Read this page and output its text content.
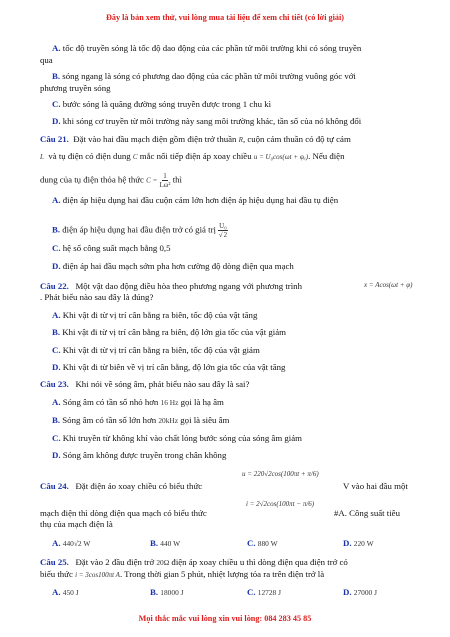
Đây là bản xem thử, vui lòng mua tài liệu để xem chi tiết (có lời giải)
A. tốc độ truyền sóng là tốc độ dao động của các phần tử môi trường khi có sóng truyền
qua
B. sóng ngang là sóng có phương dao động của các phần tử môi trường vuông góc với
phương truyền sóng
C. bước sóng là quãng đường sóng truyền được trong 1 chu kì
D. khi sóng cơ truyền từ môi trường này sang môi trường khác, tần số của nó không đổi
Câu 21. Đặt vào hai đầu mạch điện gồm điện trở thuần R, cuộn cảm thuần có độ tự cảm
L và tụ điện có điện dung C mắc nối tiếp điện áp xoay chiều u = U₀cos(ωt + φᵤ). Nếu điện
dung của tụ điện thỏa hệ thức $C = \frac{1}{\text{Lω²}}$ thì
A. điện áp hiệu dụng hai đầu cuộn cảm lớn hơn điện áp hiệu dụng hai đầu tụ điện
B. điện áp hiệu dụng hai đầu điện trở có giá trị $\frac{\text{U₀}}{√2}$
C. hệ số công suất mạch bằng 0,5
D. điện áp hai đầu mạch sớm pha hơn cường độ dòng điện qua mạch
Câu 22. Một vật dao động điều hòa theo phương ngang với phương trình	x = Acos(ωt + φ)
. Phát biểu nào sau đây là đúng?
A. Khi vật đi từ vị trí cân bằng ra biên, tốc độ của vật tăng
B. Khi vật đi từ vị trí cân bằng ra biên, độ lớn gia tốc của vật giảm
C. Khi vật đi từ vị trí cân bằng ra biên, tốc độ của vật giảm
D. Khi vật đi từ biên về vị trí cân bằng, độ lớn gia tốc của vật tăng
Câu 23. Khi nói về sóng âm, phát biểu nào sau đây là sai?
A. Sóng âm có tần số nhỏ hơn 16 Hz gọi là hạ âm
B. Sóng âm có tần số lớn hơn 20kHz gọi là siêu âm
C. Khi truyền từ không khí vào chất lỏng bước sóng của sóng âm giảm
D. Sóng âm không được truyền trong chân không
u = 220√2cos(100πt + π/6)
Câu 24. Đặt điện áo xoay chiều có biểu thức	V vào hai đầu một
i = 2√2cos(100πt − π/6)
mạch điện thì dòng điện qua mạch có biểu thức	#A. Công suất tiêu
thụ của mạch điện là
A. 440√2 W	B. 440 W	C. 880 W	D. 220 W
Câu 25. Đặt vào 2 đầu điện trở 20Ω điện áp xoay chiều u thì dòng điện qua điện trở có
biểu thức i = 3cos100πt A. Trong thời gian 5 phút, nhiệt lượng tỏa ra trên điện trở là
A. 450 J	B. 18000 J	C. 12728 J	D. 27000 J
Mọi thắc mắc vui lòng xin vui lòng: 084 283 45 85
